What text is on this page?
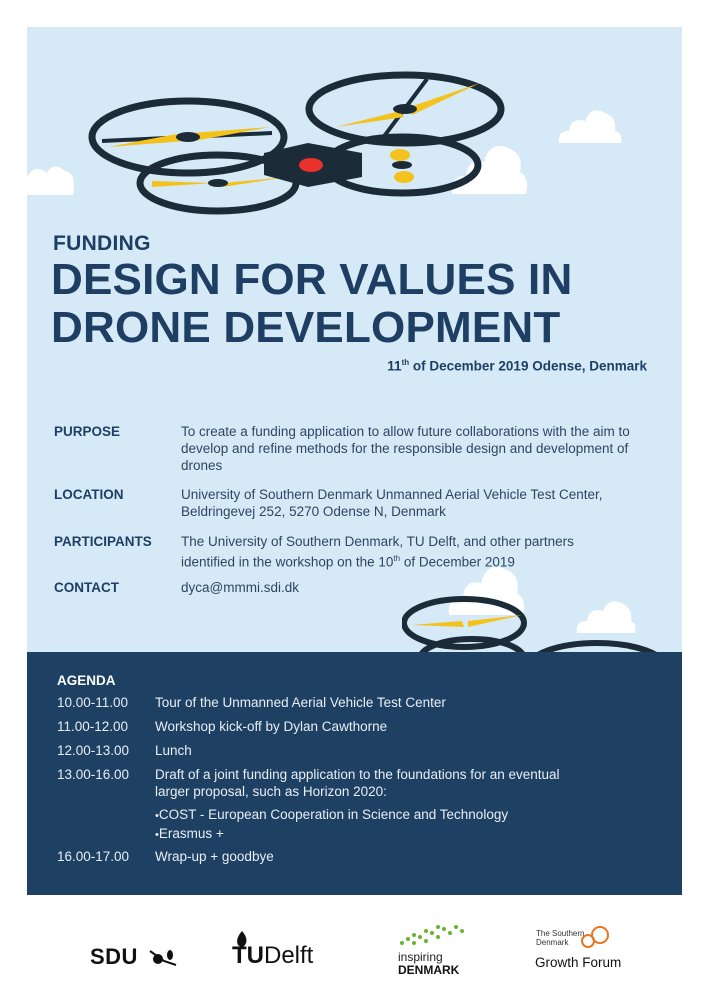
FUNDING
DESIGN FOR VALUES IN
DRONE DEVELOPMENT
11th of December 2019 Odense, Denmark
PURPOSE	To create a funding application to allow future collaborations with the aim to develop and refine methods for the responsible design and development of drones
LOCATION	University of Southern Denmark Unmanned Aerial Vehicle Test Center, Beldringevej 252, 5270 Odense N, Denmark
PARTICIPANTS	The University of Southern Denmark, TU Delft, and other partners identified in the workshop on the 10th of December 2019
CONTACT	dyca@mmmi.sdi.dk
AGENDA
10.00-11.00	Tour of the Unmanned Aerial Vehicle Test Center
11.00-12.00	Workshop kick-off by Dylan Cawthorne
12.00-13.00	Lunch
13.00-16.00	Draft of a joint funding application to the foundations for an eventual larger proposal, such as Horizon 2020:
• COST - European Cooperation in Science and Technology
• Erasmus +
16.00-17.00	Wrap-up + goodbye
SDU	TUDelft	inspiring
DENMARK
The Southern Denmark
Growth Forum
